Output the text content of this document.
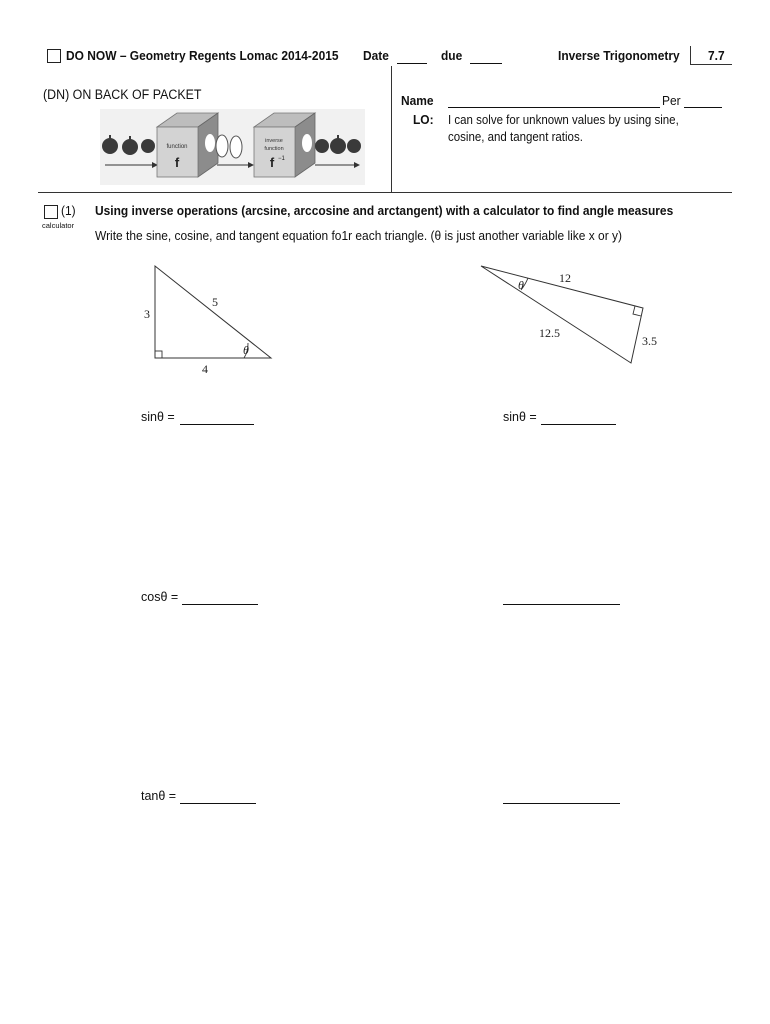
DO NOW – Geometry Regents Lomac 2014-2015 Date	due	Inverse Trigonometry 7.7
(DN) ON BACK OF PACKET
function
f
inverse
function
f −1
Name	Per
LO: I can solve for unknown values by using sine,
cosine, and tangent ratios.
(1)
calculator
Using inverse operations (arcsine, arccosine and arctangent) with a calculator to find angle measures
Write the sine, cosine, and tangent equation fo1r each triangle. (θ is just another variable like x or y)
3
5
4
θ
θ	12
12.5
3.5
sinθ =	sinθ =
cosθ =
tanθ =
